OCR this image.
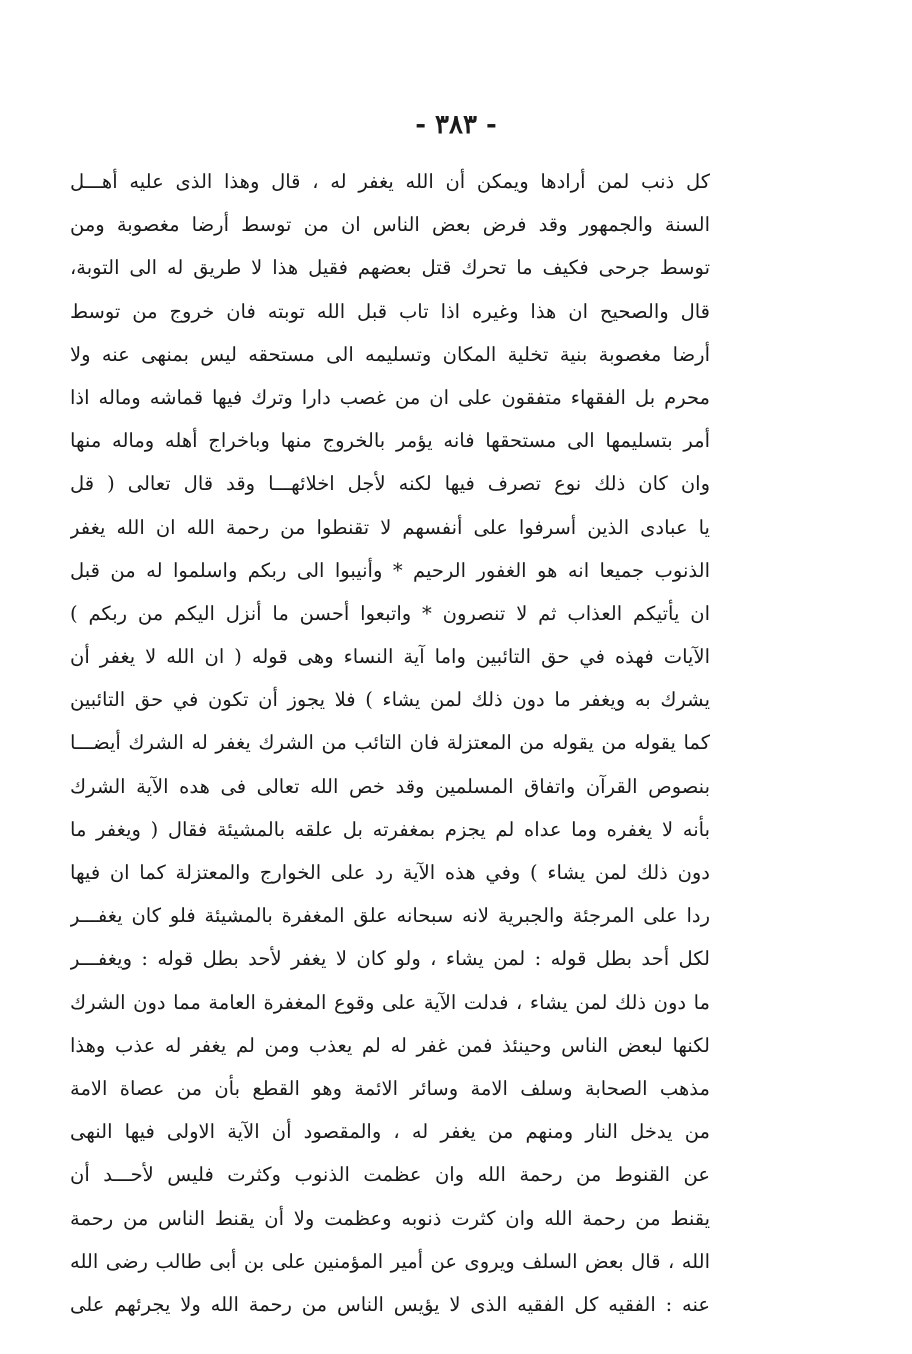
- ٣٨٣ -
كل ذنب لمن أرادها ويمكن أن الله يغفر له ، قال وهذا الذى عليه أهـــل
السنة والجمهور وقد فرض بعض الناس ان من توسط أرضا مغصوبة ومن
توسط جرحى فكيف ما تحرك قتل بعضهم فقيل هذا لا طريق له الى التوبة،
قال والصحيح ان هذا وغيره اذا تاب قبل الله توبته فان خروج من توسط
أرضا مغصوبة بنية تخلية المكان وتسليمه الى مستحقه ليس بمنهى عنه ولا
محرم بل الفقهاء متفقون على ان من غصب دارا وترك فيها قماشه وماله اذا
أمر بتسليمها الى مستحقها فانه يؤمر بالخروج منها وباخراج أهله وماله منها
وان كان ذلك نوع تصرف فيها لكنه لأجل اخلائهـــا وقد قال تعالى ( قل
يا عبادى الذين أسرفوا على أنفسهم لا تقنطوا من رحمة الله ان الله يغفر
الذنوب جميعا انه هو الغفور الرحيم * وأنيبوا الى ربكم واسلموا له من قبل
ان يأتيكم العذاب ثم لا تنصرون * واتبعوا أحسن ما أنزل اليكم من ربكم )
الآيات فهذه في حق التائبين واما آية النساء وهى قوله ( ان الله لا يغفر أن
يشرك به ويغفر ما دون ذلك لمن يشاء ) فلا يجوز أن تكون في حق التائبين
كما يقوله من يقوله من المعتزلة فان التائب من الشرك يغفر له الشرك أيضـــا
بنصوص القرآن واتفاق المسلمين وقد خص الله تعالى فى هده الآية الشرك
بأنه لا يغفره وما عداه لم يجزم بمغفرته بل علقه بالمشيئة فقال ( ويغفر ما
دون ذلك لمن يشاء ) وفي هذه الآية رد على الخوارج والمعتزلة كما ان فيها
ردا على المرجئة والجبرية لانه سبحانه علق المغفرة بالمشيئة فلو كان يغفـــر
لكل أحد بطل قوله : لمن يشاء ، ولو كان لا يغفر لأحد بطل قوله : ويغفـــر
ما دون ذلك لمن يشاء ، فدلت الآية على وقوع المغفرة العامة مما دون الشرك
لكنها لبعض الناس وحينئذ فمن غفر له لم يعذب ومن لم يغفر له عذب وهذا
مذهب الصحابة وسلف الامة وسائر الائمة وهو القطع بأن من عصاة الامة
من يدخل النار ومنهم من يغفر له ، والمقصود أن الآية الاولى فيها النهى
عن القنوط من رحمة الله وان عظمت الذنوب وكثرت فليس لأحـــد أن
يقنط من رحمة الله وان كثرت ذنوبه وعظمت ولا أن يقنط الناس من رحمة
الله ، قال بعض السلف ويروى عن أمير المؤمنين على بن أبى طالب رضى الله
عنه : الفقيه كل الفقيه الذى لا يؤيس الناس من رحمة الله ولا يجرئهم على
